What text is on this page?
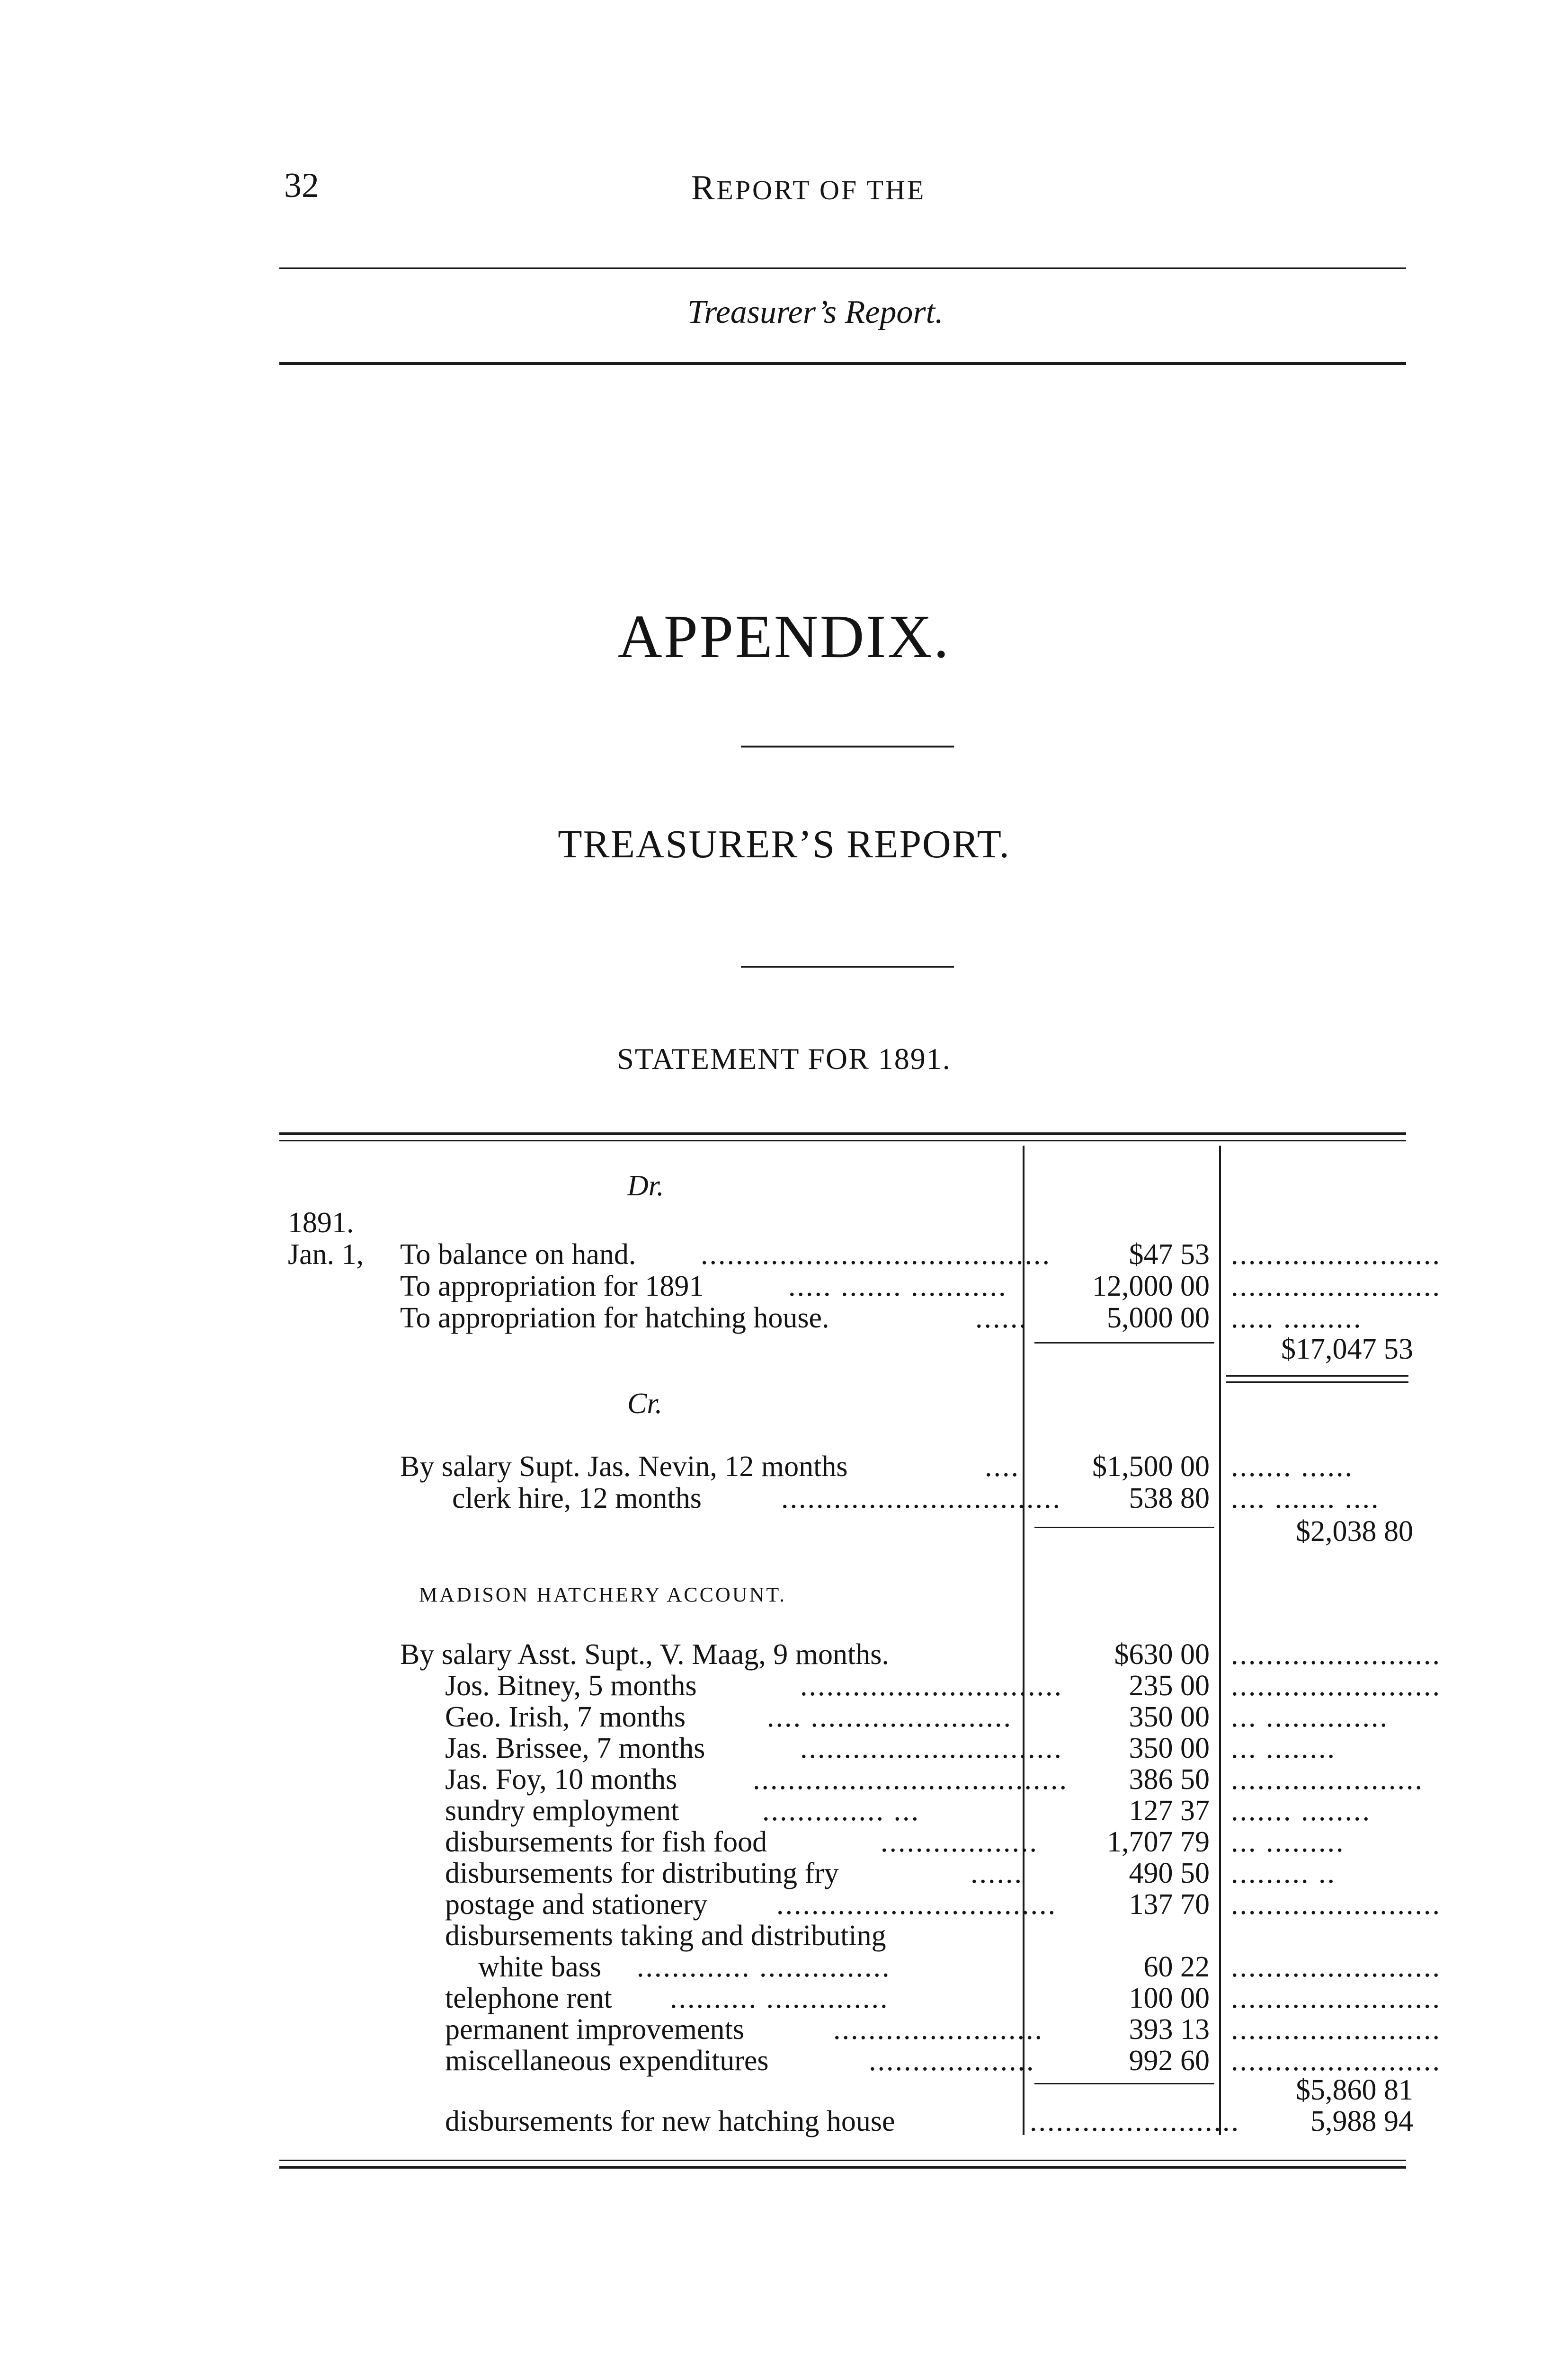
32	REPORT OF THE
Treasurer’s Report.
APPENDIX.
TREASURER’S REPORT.
STATEMENT FOR 1891.
Dr.
1891.
Jan. 1, To balance on hand. ........................................	$47 53 ........................
To appropriation for 1891	..... ....... ...........	12,000 00 ........................
To appropriation for hatching house.	......	5,000 00 ..... .........
$17,047 53
Cr.
By salary Supt. Jas. Nevin, 12 months	....	$1,500 00 ....... ......
clerk hire, 12 months	................................	538 80 .... ....... ....
$2,038 80
MADISON HATCHERY ACCOUNT.
By salary Asst. Supt., V. Maag, 9 months.	$630 00 ........................
Jos. Bitney, 5 months	..............................	235 00 ........................
Geo. Irish, 7 months	.... .......................	350 00 ... ..............
Jas. Brissee, 7 months	..............................	350 00 ... ........
Jas. Foy, 10 months	....................................	386 50 ......................
sundry employment	.............. ...	127 37 ....... ........
disbursements for fish food	..................	1,707 79 ... .........
disbursements for distributing fry	......	490 50 ......... ..
postage and stationery ................................	137 70 ........................
disbursements taking and distributing
white bass ............. ...............	60 22 ........................
telephone rent .......... ..............	100 00 ........................
permanent improvements	........................	393 13 ........................
miscellaneous expenditures	...................	992 60 ........................
$5,860 81
disbursements for new hatching house	........................	5,988 94
